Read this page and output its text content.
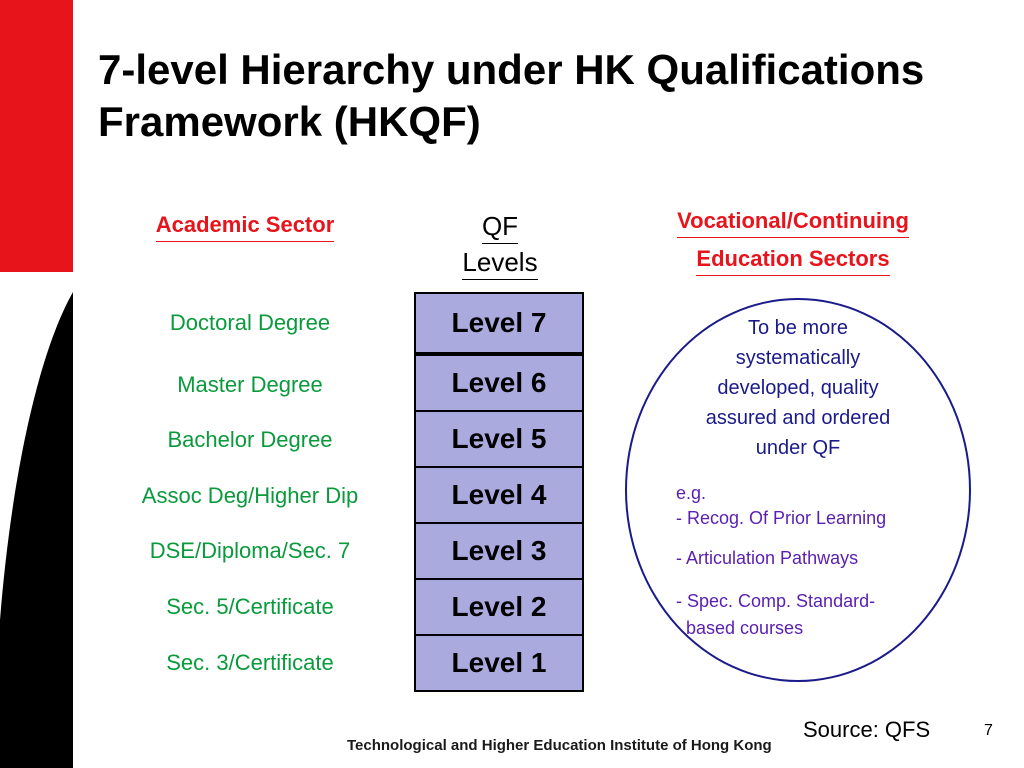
7-level Hierarchy under HK Qualifications Framework (HKQF)
Academic Sector	QF
Levels
Vocational/Continuing
Education Sectors
Doctoral Degree
Master Degree
Bachelor Degree
Assoc Deg/Higher Dip
DSE/Diploma/Sec. 7
Sec. 5/Certificate
Sec. 3/Certificate
Level 7
Level 6
Level 5
Level 4
Level 3
Level 2
Level 1
To be more
systematically
developed, quality
assured and ordered
under QF
e.g.
- Recog. Of Prior Learning
- Articulation Pathways
- Spec. Comp. Standard-
based courses
Source: QFS	7
Technological and Higher Education Institute of Hong Kong
